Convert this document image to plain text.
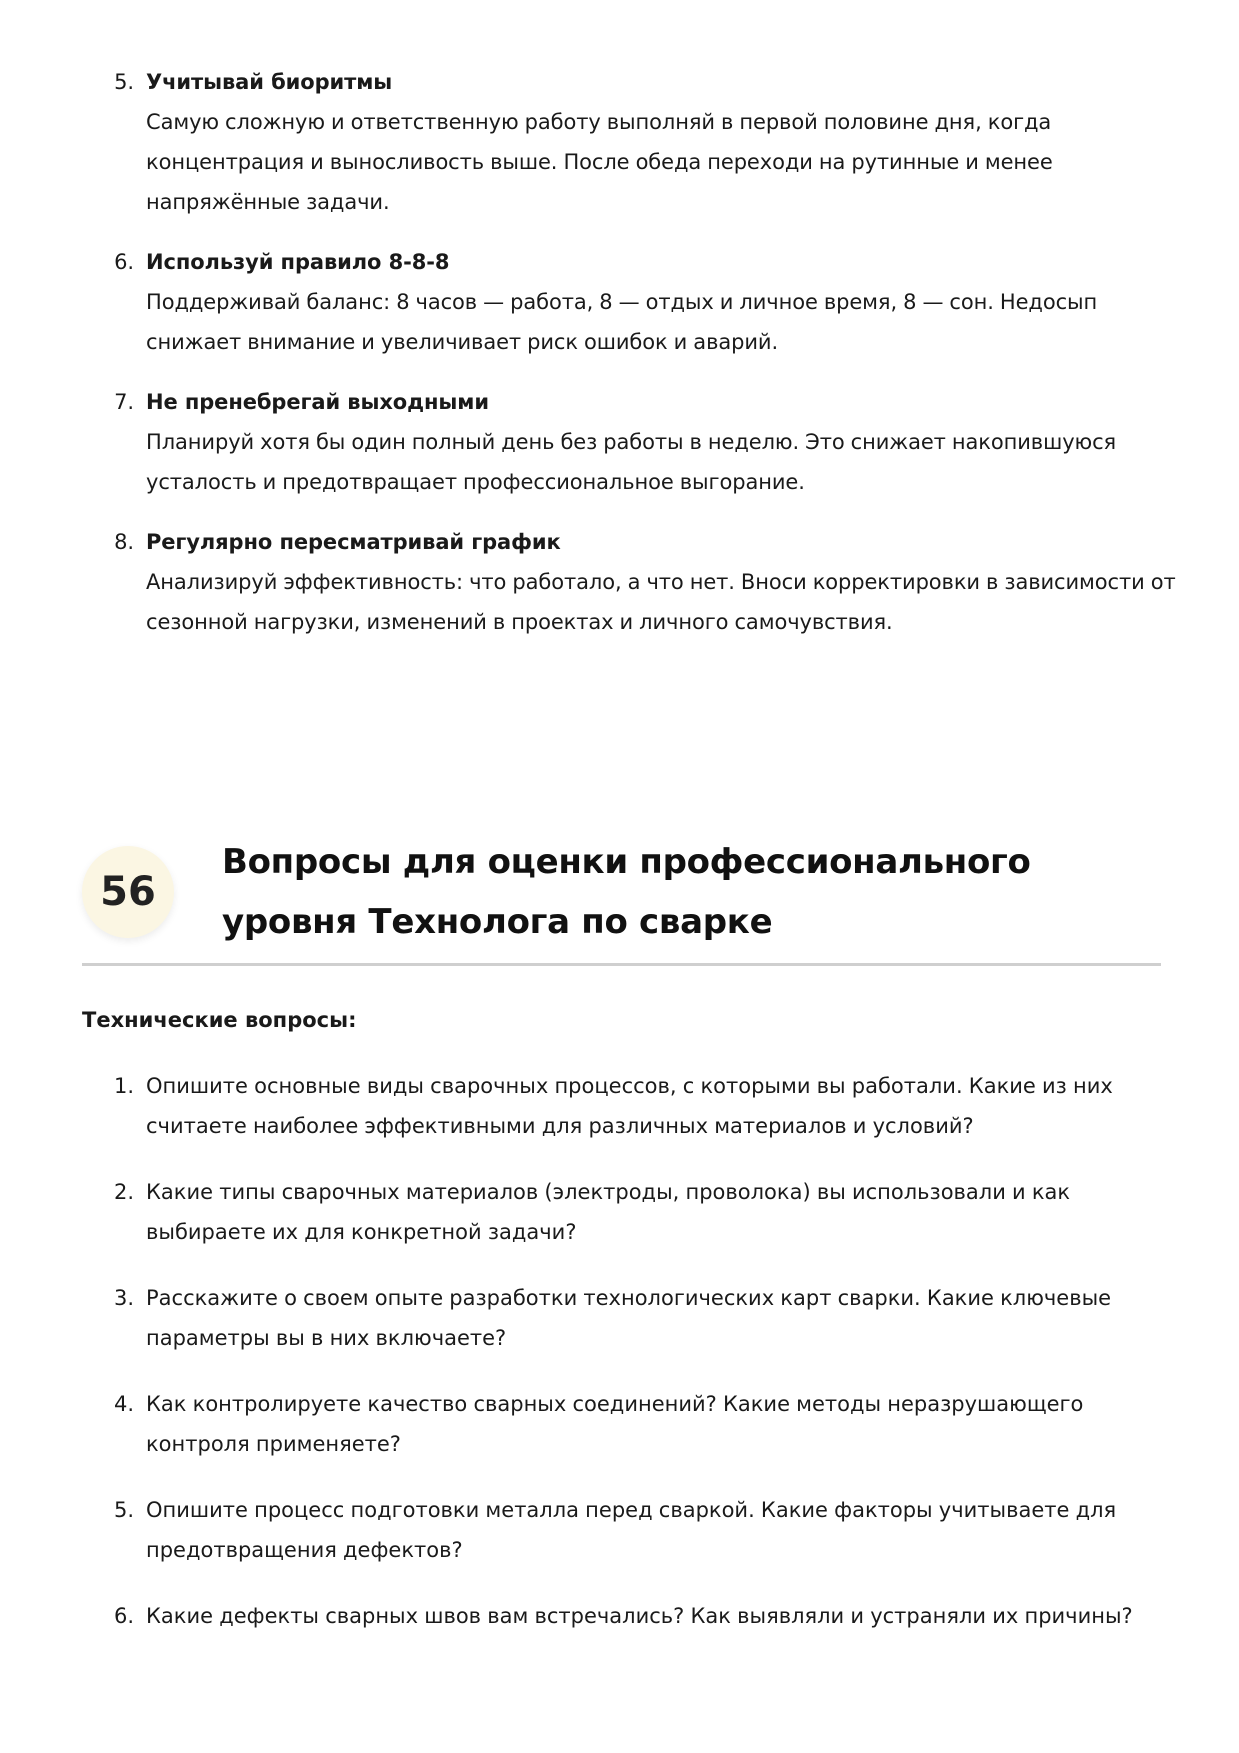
5. Учитывай биоритмы
Самую сложную и ответственную работу выполняй в первой половине дня, когда концентрация и выносливость выше. После обеда переходи на рутинные и менее напряжённые задачи.
6. Используй правило 8-8-8
Поддерживай баланс: 8 часов — работа, 8 — отдых и личное время, 8 — сон. Недосып снижает внимание и увеличивает риск ошибок и аварий.
7. Не пренебрегай выходными
Планируй хотя бы один полный день без работы в неделю. Это снижает накопившуюся усталость и предотвращает профессиональное выгорание.
8. Регулярно пересматривай график
Анализируй эффективность: что работало, а что нет. Вноси корректировки в зависимости от сезонной нагрузки, изменений в проектах и личного самочувствия.
56
Вопросы для оценки профессионального уровня Технолога по сварке
Технические вопросы:
1. Опишите основные виды сварочных процессов, с которыми вы работали. Какие из них считаете наиболее эффективными для различных материалов и условий?
2. Какие типы сварочных материалов (электроды, проволока) вы использовали и как выбираете их для конкретной задачи?
3. Расскажите о своем опыте разработки технологических карт сварки. Какие ключевые параметры вы в них включаете?
4. Как контролируете качество сварных соединений? Какие методы неразрушающего контроля применяете?
5. Опишите процесс подготовки металла перед сваркой. Какие факторы учитываете для предотвращения дефектов?
6. Какие дефекты сварных швов вам встречались? Как выявляли и устраняли их причины?
